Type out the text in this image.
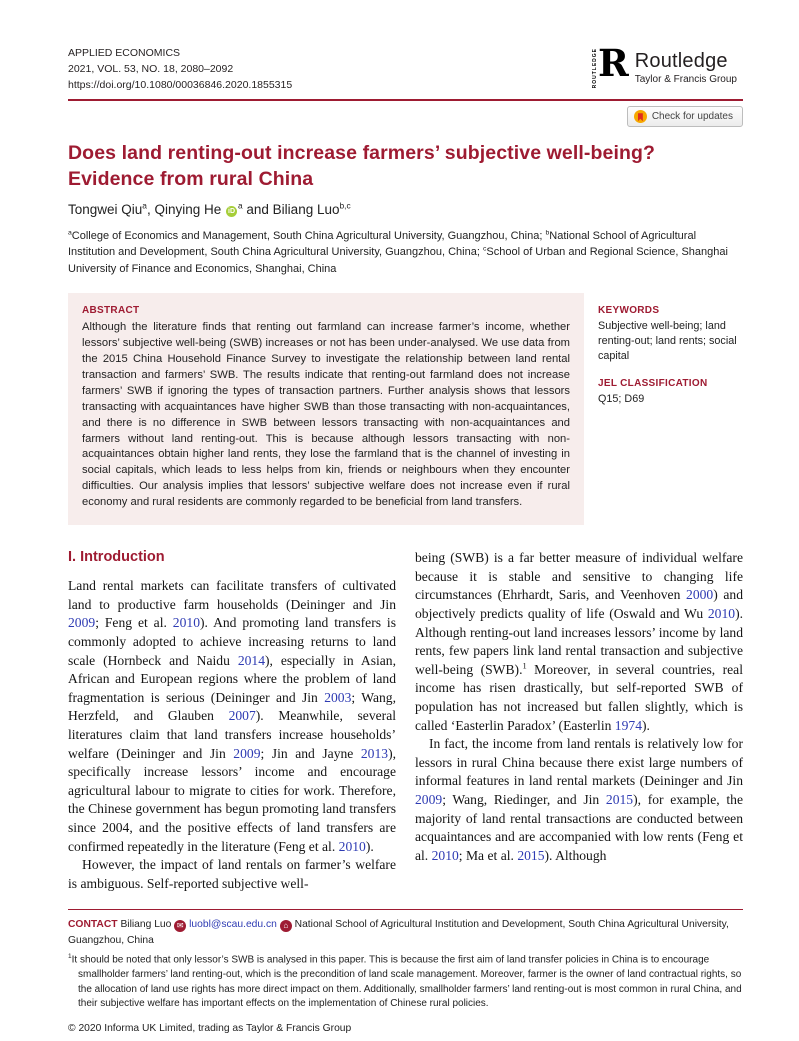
APPLIED ECONOMICS
2021, VOL. 53, NO. 18, 2080–2092
https://doi.org/10.1080/00036846.2020.1855315	ROUTLEDGE R Routledge
Taylor & Francis Group
Check for updates
Does land renting-out increase farmers’ subjective well-being? Evidence from rural China
Tongwei Qiu$^a$, Qinying He $iD^a$ and Biliang Luo$^{b,c}$
$^a$College of Economics and Management, South China Agricultural University, Guangzhou, China; $^b$National School of Agricultural Institution and Development, South China Agricultural University, Guangzhou, China; $^c$School of Urban and Regional Science, Shanghai University of Finance and Economics, Shanghai, China
ABSTRACT
Although the literature finds that renting out farmland can increase farmer’s income, whether lessors’ subjective well-being (SWB) increases or not has been under-analysed. We use data from the 2015 China Household Finance Survey to investigate the relationship between land rental transaction and farmers’ SWB. The results indicate that renting-out farmland does not increase farmers’ SWB if ignoring the types of transaction partners. Further analysis shows that lessors transacting with acquaintances have higher SWB than those transacting with non-acquaintances, and there is no difference in SWB between lessors transacting with non-acquaintances and farmers without land renting-out. This is because although lessors transacting with non-acquaintances obtain higher land rents, they lose the farmland that is the channel of investing in social capitals, which leads to less helps from kin, friends or neighbours when they encounter difficulties. Our analysis implies that lessors’ subjective welfare does not increase even if rural economy and rural residents are commonly regarded to be beneficial from land transfers.
KEYWORDS
Subjective well-being; land renting-out; land rents; social capital
JEL CLASSIFICATION
Q15; D69
I. Introduction

Land rental markets can facilitate transfers of cultivated land to productive farm households (Deininger and Jin 2009; Feng et al. 2010). And promoting land transfers is commonly adopted to achieve increasing returns to land scale (Hornbeck and Naidu 2014), especially in Asian, African and European regions where the problem of land fragmentation is serious (Deininger and Jin 2003; Wang, Herzfeld, and Glauben 2007). Meanwhile, several literatures claim that land transfers increase households’ welfare (Deininger and Jin 2009; Jin and Jayne 2013), specifically increase lessors’ income and encourage agricultural labour to migrate to cities for work. Therefore, the Chinese government has begun promoting land transfers since 2004, and the positive effects of land transfers are confirmed repeatedly in the literature (Feng et al. 2010).

However, the impact of land rentals on farmer’s welfare is ambiguous. Self-reported subjective well-

being (SWB) is a far better measure of individual welfare because it is stable and sensitive to changing life circumstances (Ehrhardt, Saris, and Veenhoven 2000) and objectively predicts quality of life (Oswald and Wu 2010). Although renting-out land increases lessors’ income by land rents, few papers link land rental transaction and subjective well-being (SWB).$^1$ Moreover, in several countries, real income has risen drastically, but self-reported SWB of population has not increased but fallen slightly, which is called ‘Easterlin Paradox’ (Easterlin 1974).

In fact, the income from land rentals is relatively low for lessors in rural China because there exist large numbers of informal features in land rental markets (Deininger and Jin 2009; Wang, Riedinger, and Jin 2015), for example, the majority of land rental transactions are conducted between acquaintances and are accompanied with low rents (Feng et al. 2010; Ma et al. 2015). Although

CONTACT Biliang Luo ✉ luobl@scau.edu.cn ⌂ National School of Agricultural Institution and Development, South China Agricultural University, Guangzhou, China
$^1$It should be noted that only lessor’s SWB is analysed in this paper. This is because the first aim of land transfer policies in China is to encourage smallholder farmers’ land renting-out, which is the precondition of land scale management. Moreover, farmer is the owner of land contractual rights, so the allocation of land use rights has more direct impact on them. Additionally, smallholder farmers’ land renting-out is most common in rural China, and their subjective welfare has important effects on the implementation of Chinese rural policies.
© 2020 Informa UK Limited, trading as Taylor & Francis Group
